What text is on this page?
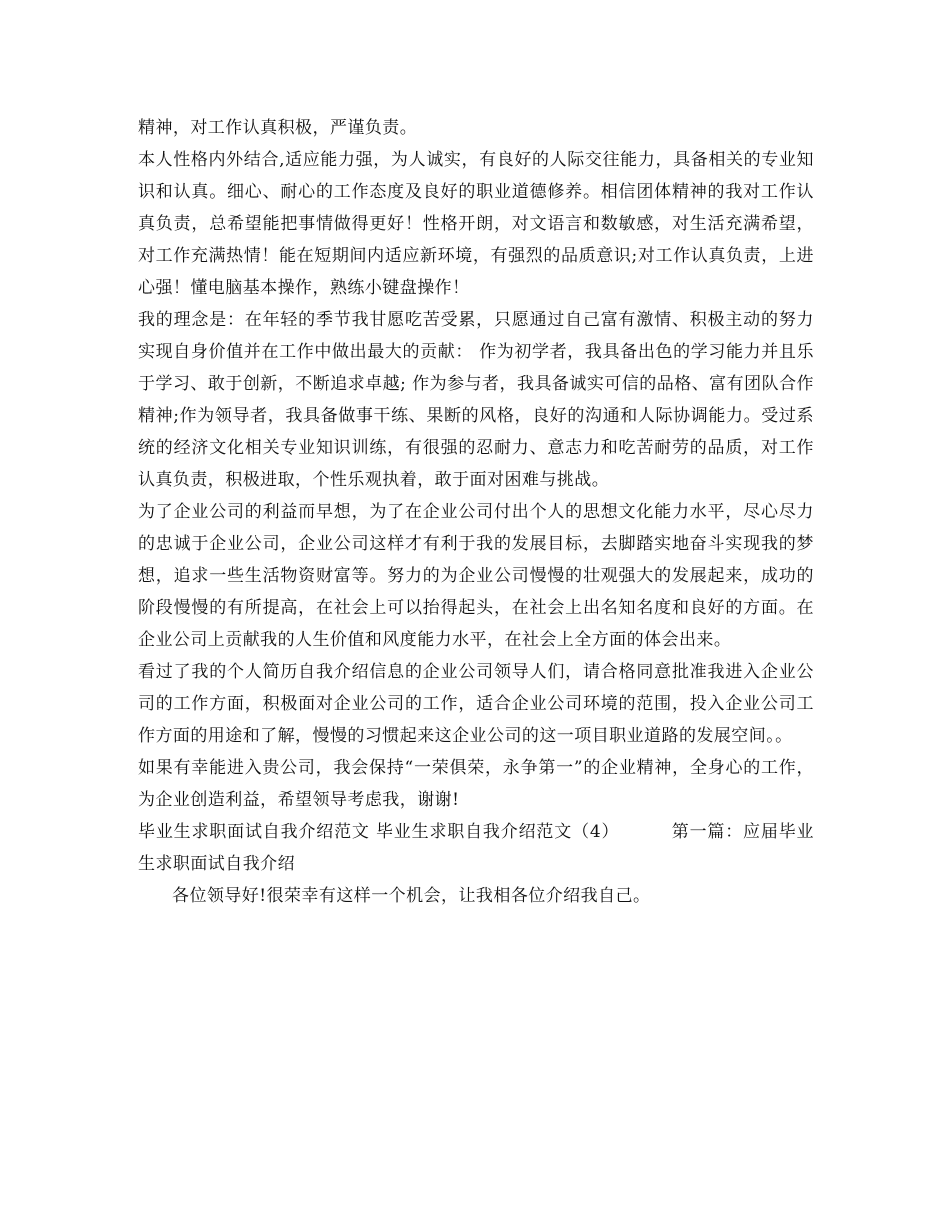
精神，对工作认真积极，严谨负责。

本人性格内外结合,适应能力强，为人诚实，有良好的人际交往能力，具备相关的专业知识和认真。细心、耐心的工作态度及良好的职业道德修养。相信团体精神的我对工作认真负责，总希望能把事情做得更好！性格开朗，对文语言和数敏感，对生活充满希望，对工作充满热情！能在短期间内适应新环境，有强烈的品质意识;对工作认真负责，上进心强！懂电脑基本操作，熟练小键盘操作！

我的理念是：在年轻的季节我甘愿吃苦受累，只愿通过自己富有激情、积极主动的努力实现自身价值并在工作中做出最大的贡献： 作为初学者，我具备出色的学习能力并且乐于学习、敢于创新，不断追求卓越; 作为参与者，我具备诚实可信的品格、富有团队合作精神;作为领导者，我具备做事干练、果断的风格，良好的沟通和人际协调能力。受过系统的经济文化相关专业知识训练，有很强的忍耐力、意志力和吃苦耐劳的品质，对工作认真负责，积极进取，个性乐观执着，敢于面对困难与挑战。

为了企业公司的利益而早想，为了在企业公司付出个人的思想文化能力水平，尽心尽力的忠诚于企业公司，企业公司这样才有利于我的发展目标，去脚踏实地奋斗实现我的梦想，追求一些生活物资财富等。努力的为企业公司慢慢的壮观强大的发展起来，成功的阶段慢慢的有所提高，在社会上可以抬得起头，在社会上出名知名度和良好的方面。在企业公司上贡献我的人生价值和风度能力水平，在社会上全方面的体会出来。

看过了我的个人简历自我介绍信息的企业公司领导人们，请合格同意批准我进入企业公司的工作方面，积极面对企业公司的工作，适合企业公司环境的范围，投入企业公司工作方面的用途和了解，慢慢的习惯起来这企业公司的这一项目职业道路的发展空间。。

如果有幸能进入贵公司，我会保持“一荣俱荣，永争第一”的企业精神，全身心的工作，为企业创造利益，希望领导考虑我，谢谢!

毕业生求职面试自我介绍范文 毕业生求职自我介绍范文（4）	第一篇：应届毕业生求职面试自我介绍

各位领导好!很荣幸有这样一个机会，让我相各位介绍我自己。
